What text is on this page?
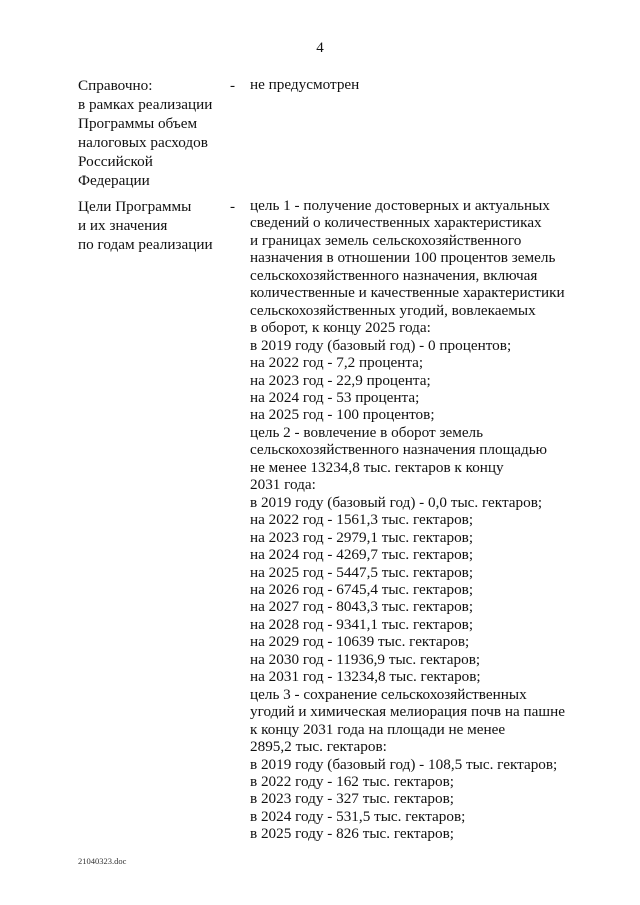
4
Справочно:
в рамках реализации
Программы объем
налоговых расходов
Российской
Федерации
- не предусмотрен
Цели Программы
и их значения
по годам реализации
- цель 1 - получение достоверных и актуальных
сведений о количественных характеристиках
и границах земель сельскохозяйственного
назначения в отношении 100 процентов земель
сельскохозяйственного назначения, включая
количественные и качественные характеристики
сельскохозяйственных угодий, вовлекаемых
в оборот, к концу 2025 года:
в 2019 году (базовый год) - 0 процентов;
на 2022 год - 7,2 процента;
на 2023 год - 22,9 процента;
на 2024 год - 53 процента;
на 2025 год - 100 процентов;
цель 2 - вовлечение в оборот земель
сельскохозяйственного назначения площадью
не менее 13234,8 тыс. гектаров к концу
2031 года:
в 2019 году (базовый год) - 0,0 тыс. гектаров;
на 2022 год - 1561,3 тыс. гектаров;
на 2023 год - 2979,1 тыс. гектаров;
на 2024 год - 4269,7 тыс. гектаров;
на 2025 год - 5447,5 тыс. гектаров;
на 2026 год - 6745,4 тыс. гектаров;
на 2027 год - 8043,3 тыс. гектаров;
на 2028 год - 9341,1 тыс. гектаров;
на 2029 год - 10639 тыс. гектаров;
на 2030 год - 11936,9 тыс. гектаров;
на 2031 год - 13234,8 тыс. гектаров;
цель 3 - сохранение сельскохозяйственных
угодий и химическая мелиорация почв на пашне
к концу 2031 года на площади не менее
2895,2 тыс. гектаров:
в 2019 году (базовый год) - 108,5 тыс. гектаров;
в 2022 году - 162 тыс. гектаров;
в 2023 году - 327 тыс. гектаров;
в 2024 году - 531,5 тыс. гектаров;
в 2025 году - 826 тыс. гектаров;
21040323.doc
